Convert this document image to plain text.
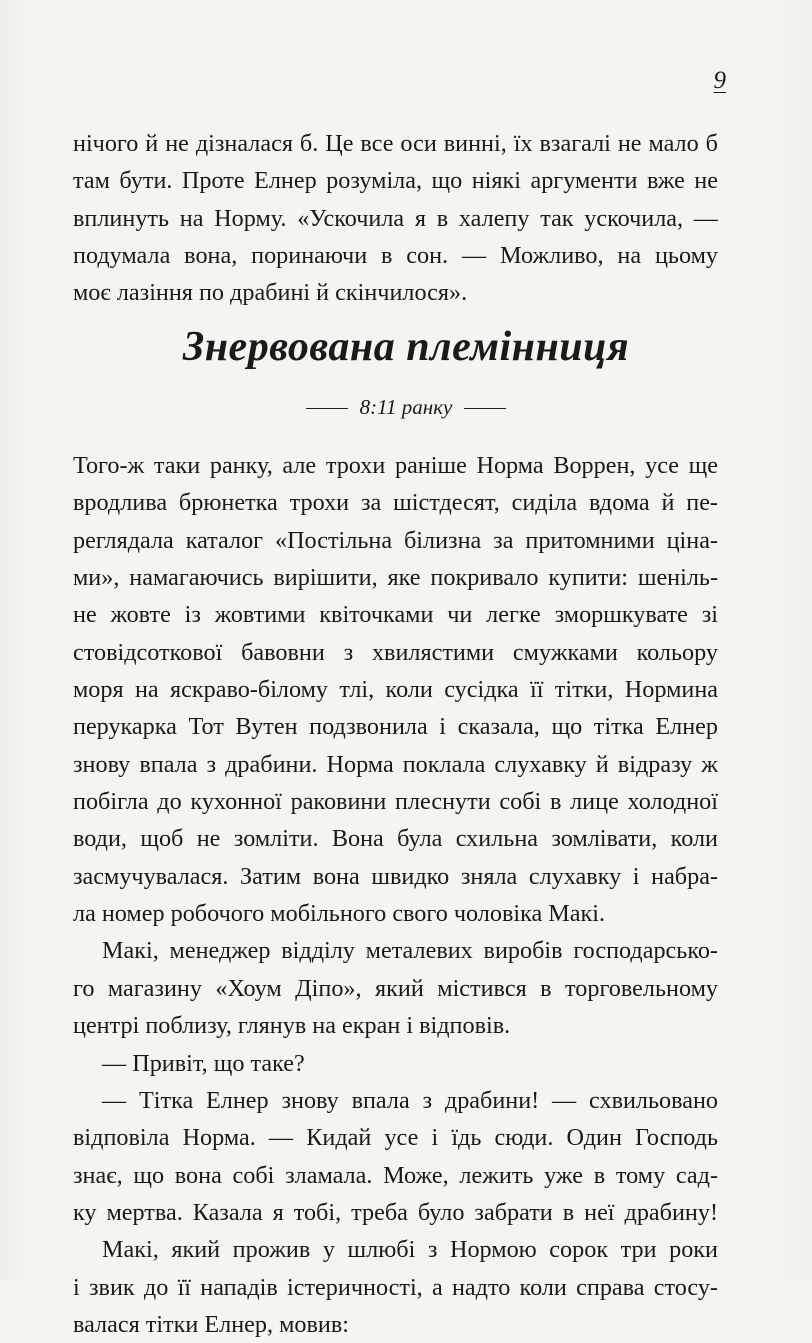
9
нічого й не дізналася б. Це все оси винні, їх взагалі не мало б
там бути. Проте Елнер розуміла, що ніякі аргументи вже не
вплинуть на Норму. «Ускочила я в халепу так ускочила, —
подумала вона, поринаючи в сон. — Можливо, на цьому
моє лазіння по драбині й скінчилося».
Знервована племінниця
8:11 ранку
Того-ж таки ранку, але трохи раніше Норма Воррен, усе ще
вродлива брюнетка трохи за шістдесят, сиділа вдома й пе-
реглядала каталог «Постільна білизна за притомними ціна-
ми», намагаючись вирішити, яке покривало купити: шеніль-
не жовте із жовтими квіточками чи легке зморшкувате зі
стовідсоткової бавовни з хвилястими смужками кольору
моря на яскраво-білому тлі, коли сусідка її тітки, Нормина
перукарка Тот Вутен подзвонила і сказала, що тітка Елнер
знову впала з драбини. Норма поклала слухавку й відразу ж
побігла до кухонної раковини плеснути собі в лице холодної
води, щоб не зомліти. Вона була схильна зомлівати, коли
засмучувалася. Затим вона швидко зняла слухавку і набра-
ла номер робочого мобільного свого чоловіка Макі.
Макі, менеджер відділу металевих виробів господарсько-
го магазину «Хоум Діпо», який містився в торговельному
центрі поблизу, глянув на екран і відповів.
— Привіт, що таке?
— Тітка Елнер знову впала з драбини! — схвильовано
відповіла Норма. — Кидай усе і їдь сюди. Один Господь
знає, що вона собі зламала. Може, лежить уже в тому сад-
ку мертва. Казала я тобі, треба було забрати в неї драбину!
Макі, який прожив у шлюбі з Нормою сорок три роки
і звик до її нападів істеричності, а надто коли справа стосу-
валася тітки Елнер, мовив:
